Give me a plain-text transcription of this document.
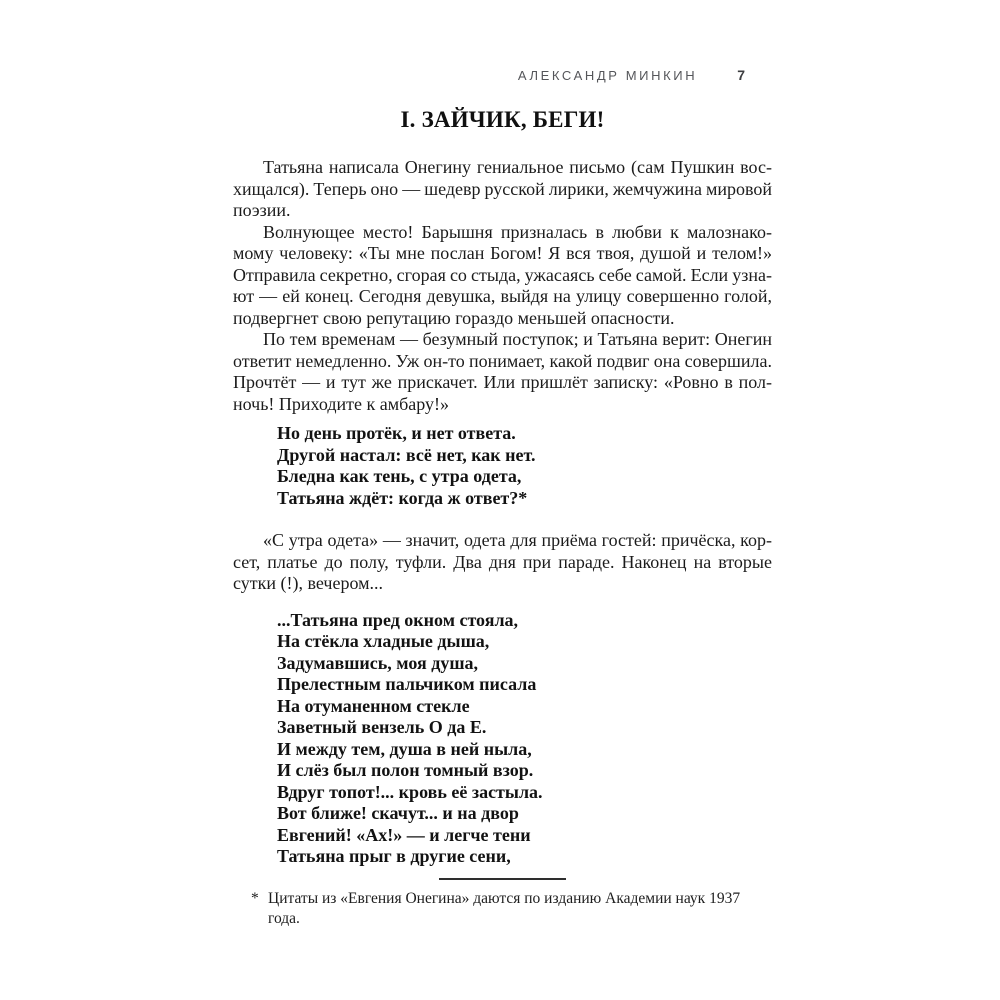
АЛЕКСАНДР МИНКИН	7
I. ЗАЙЧИК, БЕГИ!
Татьяна написала Онегину гениальное письмо (сам Пушкин вос-
хищался). Теперь оно — шедевр русской лирики, жемчужина мировой
поэзии.
Волнующее место! Барышня призналась в любви к малознако-
мому человеку: «Ты мне послан Богом! Я вся твоя, душой и телом!»
Отправила секретно, сгорая со стыда, ужасаясь себе самой. Если узна-
ют — ей конец. Сегодня девушка, выйдя на улицу совершенно голой,
подвергнет свою репутацию гораздо меньшей опасности.
По тем временам — безумный поступок; и Татьяна верит: Онегин
ответит немедленно. Уж он-то понимает, какой подвиг она совершила.
Прочтёт — и тут же прискачет. Или пришлёт записку: «Ровно в пол-
ночь! Приходите к амбару!»
Но день протёк, и нет ответа.
Другой настал: всё нет, как нет.
Бледна как тень, с утра одета,
Татьяна ждёт: когда ж ответ?*
«С утра одета» — значит, одета для приёма гостей: причёска, кор-
сет, платье до полу, туфли. Два дня при параде. Наконец на вторые
сутки (!), вечером...
...Татьяна пред окном стояла,
На стёкла хладные дыша,
Задумавшись, моя душа,
Прелестным пальчиком писала
На отуманенном стекле
Заветный вензель О да Е.
И между тем, душа в ней ныла,
И слёз был полон томный взор.
Вдруг топот!... кровь её застыла.
Вот ближе! скачут... и на двор
Евгений! «Ах!» — и легче тени
Татьяна прыг в другие сени,
* Цитаты из «Евгения Онегина» даются по изданию Академии наук 1937 года.
